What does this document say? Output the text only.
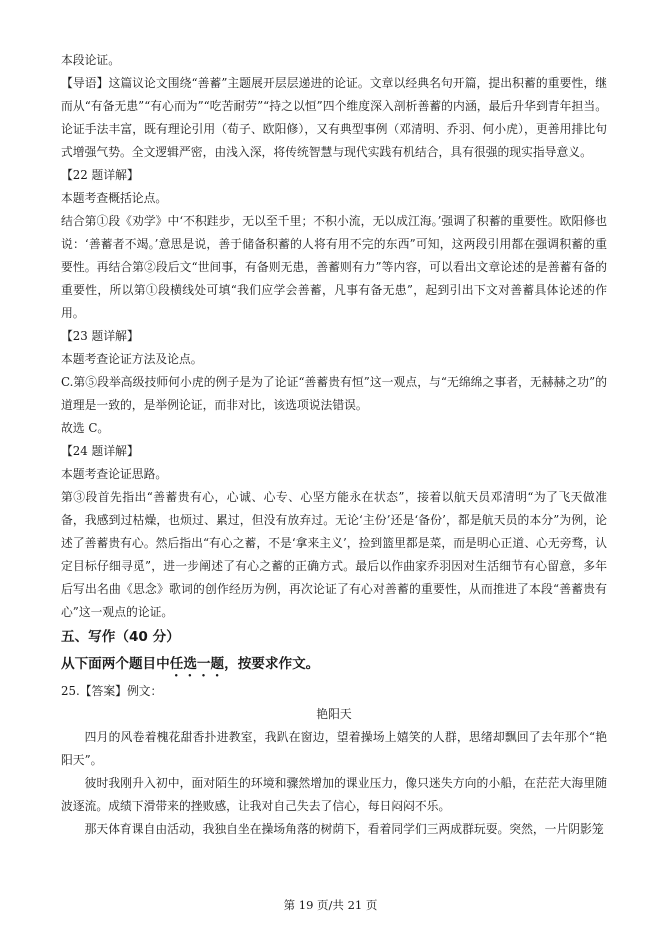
本段论证。

【导语】这篇议论文围绕“善蓄”主题展开层层递进的论证。文章以经典名句开篇，提出积蓄的重要性，继而从“有备无患”“有心而为”“吃苦耐劳”“持之以恒”四个维度深入剖析善蓄的内涵，最后升华到青年担当。论证手法丰富，既有理论引用（荀子、欧阳修），又有典型事例（邓清明、乔羽、何小虎），更善用排比句式增强气势。全文逻辑严密，由浅入深，将传统智慧与现代实践有机结合，具有很强的现实指导意义。

【22 题详解】

本题考查概括论点。

结合第①段《劝学》中‘不积跬步，无以至千里；不积小流，无以成江海。’强调了积蓄的重要性。欧阳修也说：‘善蓄者不竭。’意思是说，善于储备积蓄的人将有用不完的东西”可知，这两段引用都在强调积蓄的重要性。再结合第②段后文“世间事，有备则无患，善蓄则有力”等内容，可以看出文章论述的是善蓄有备的重要性，所以第①段横线处可填“我们应学会善蓄，凡事有备无患”，起到引出下文对善蓄具体论述的作用。

【23 题详解】

本题考查论证方法及论点。

C.第⑤段举高级技师何小虎的例子是为了论证“善蓄贵有恒”这一观点，与“无绵绵之事者，无赫赫之功”的道理是一致的，是举例论证，而非对比，该选项说法错误。

故选 C。

【24 题详解】

本题考查论证思路。

第③段首先指出“善蓄贵有心，心诚、心专、心坚方能永在状态”，接着以航天员邓清明“为了飞天做准备，我感到过枯燥，也烦过、累过，但没有放弃过。无论‘主份’还是‘备份’，都是航天员的本分”为例，论述了善蓄贵有心。然后指出“有心之蓄，不是‘拿来主义’，捡到篮里都是菜，而是明心正道、心无旁骛，认定目标仔细寻觅”，进一步阐述了有心之蓄的正确方式。最后以作曲家乔羽因对生活细节有心留意，多年后写出名曲《思念》歌词的创作经历为例，再次论证了有心对善蓄的重要性，从而推进了本段“善蓄贵有心”这一观点的论证。

五、写作（40 分）

从下面两个题目中任选一题，按要求作文。

25.【答案】例文：

艳阳天

四月的风卷着槐花甜香扑进教室，我趴在窗边，望着操场上嬉笑的人群，思绪却飘回了去年那个“艳阳天”。

彼时我刚升入初中，面对陌生的环境和骤然增加的课业压力，像只迷失方向的小船，在茫茫大海里随波逐流。成绩下滑带来的挫败感，让我对自己失去了信心，每日闷闷不乐。

那天体育课自由活动，我独自坐在操场角落的树荫下，看着同学们三两成群玩耍。突然，一片阴影笼

第 19 页/共 21 页
